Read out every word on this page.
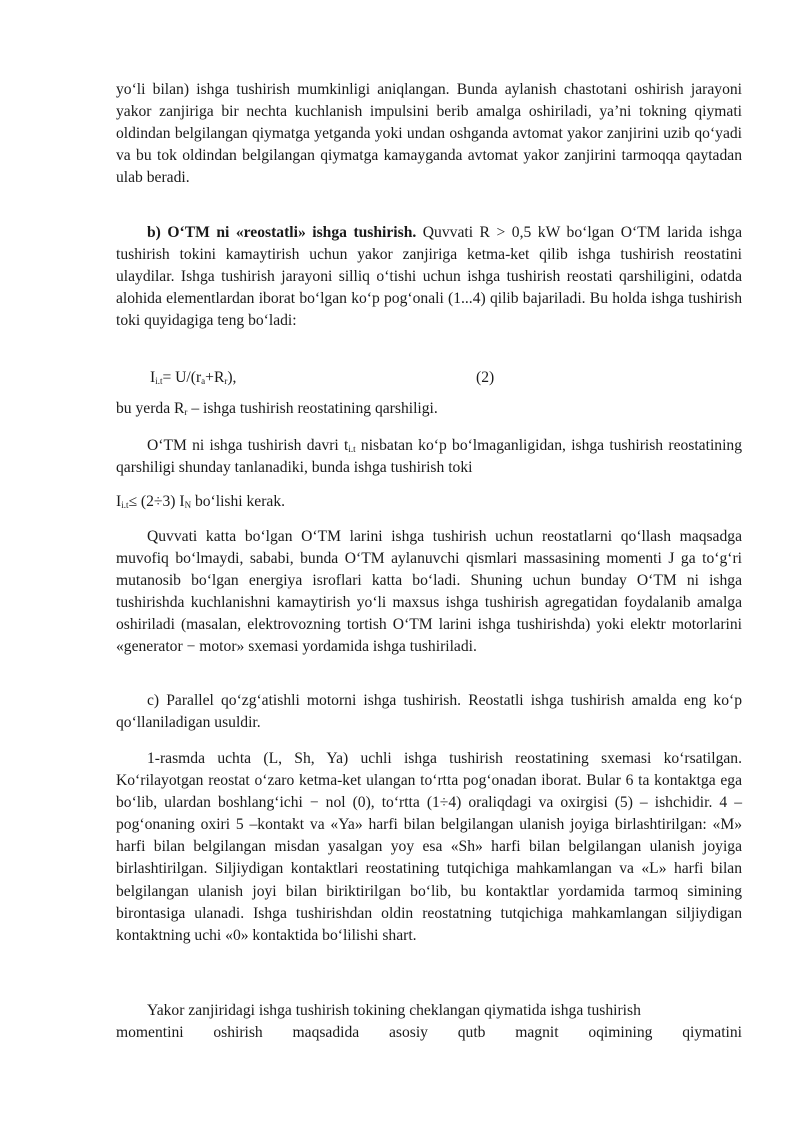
yo‘li bilan) ishga tushirish mumkinligi aniqlangan. Bunda aylanish chastotani oshirish jarayoni yakor zanjiriga bir nechta kuchlanish impulsini berib amalga oshiriladi, ya’ni tokning qiymati oldindan belgilangan qiymatga yetganda yoki undan oshganda avtomat yakor zanjirini uzib qo‘yadi va bu tok oldindan belgilangan qiymatga kamayganda avtomat yakor zanjirini tarmoqqa qaytadan ulab beradi.

b) O‘TM ni «reostatli» ishga tushirish. Quvvati R > 0,5 kW bo‘lgan O‘TM larida ishga tushirish tokini kamaytirish uchun yakor zanjiriga ketma-ket qilib ishga tushirish reostatini ulaydilar. Ishga tushirish jarayoni silliq o‘tishi uchun ishga tushirish reostati qarshiligini, odatda alohida elementlardan iborat bo‘lgan ko‘p pog‘onali (1...4) qilib bajariladi. Bu holda ishga tushirish toki quyidagiga teng bo‘ladi:

$I_{i.t}= U/(r_a+R_r)$,	(2)
bu yerda $R_r$ – ishga tushirish reostatining qarshiligi.

O‘TM ni ishga tushirish davri $t_{i.t}$ nisbatan ko‘p bo‘lmaganligidan, ishga tushirish reostatining qarshiligi shunday tanlanadiki, bunda ishga tushirish toki

$I_{i.t}\le (2\div 3)$ $I_N$ bo‘lishi kerak.

Quvvati katta bo‘lgan O‘TM larini ishga tushirish uchun reostatlarni qo‘llash maqsadga muvofiq bo‘lmaydi, sababi, bunda O‘TM aylanuvchi qismlari massasining momenti J ga to‘g‘ri mutanosib bo‘lgan energiya isroflari katta bo‘ladi. Shuning uchun bunday O‘TM ni ishga tushirishda kuchlanishni kamaytirish yo‘li maxsus ishga tushirish agregatidan foydalanib amalga oshiriladi (masalan, elektrovozning tortish O‘TM larini ishga tushirishda) yoki elektr motorlarini «generator − motor» sxemasi yordamida ishga tushiriladi.

c) Parallel qo‘zg‘atishli motorni ishga tushirish. Reostatli ishga tushirish amalda eng ko‘p qo‘llaniladigan usuldir.

1-rasmda uchta (L, Sh, Ya) uchli ishga tushirish reostatining sxemasi ko‘rsatilgan. Ko‘rilayotgan reostat o‘zaro ketma-ket ulangan to‘rtta pog‘onadan iborat. Bular 6 ta kontaktga ega bo‘lib, ulardan boshlang‘ichi − nol (0), to‘rtta (1÷4) oraliqdagi va oxirgisi (5) – ishchidir. 4 – pog‘onaning oxiri 5 –kontakt va «Ya» harfi bilan belgilangan ulanish joyiga birlashtirilgan: «M» harfi bilan belgilangan misdan yasalgan yoy esa «Sh» harfi bilan belgilangan ulanish joyiga birlashtirilgan. Siljiydigan kontaktlari reostatining tutqichiga mahkamlangan va «L» harfi bilan belgilangan ulanish joyi bilan biriktirilgan bo‘lib, bu kontaktlar yordamida tarmoq simining birontasiga ulanadi. Ishga tushirishdan oldin reostatning tutqichiga mahkamlangan siljiydigan kontaktning uchi «0» kontaktida bo‘lilishi shart.

Yakor zanjiridagi ishga tushirish tokining cheklangan qiymatida ishga tushirish
momentini oshirish maqsadida asosiy qutb magnit oqimining qiymatini
